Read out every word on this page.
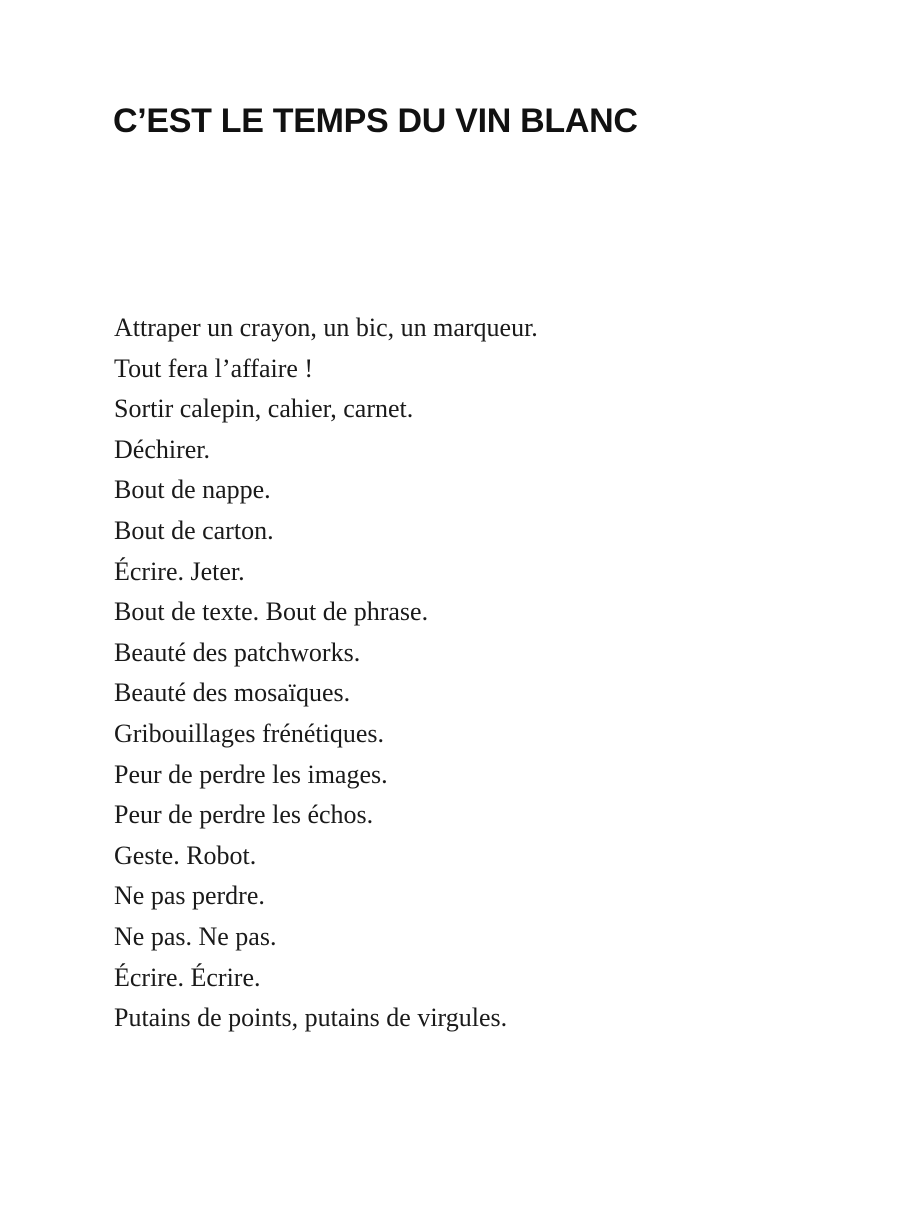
C’EST LE TEMPS DU VIN BLANC
Attraper un crayon, un bic, un marqueur.
Tout fera l’affaire !
Sortir calepin, cahier, carnet.
Déchirer.
Bout de nappe.
Bout de carton.
Écrire. Jeter.
Bout de texte. Bout de phrase.
Beauté des patchworks.
Beauté des mosaïques.
Gribouillages frénétiques.
Peur de perdre les images.
Peur de perdre les échos.
Geste. Robot.
Ne pas perdre.
Ne pas. Ne pas.
Écrire. Écrire.
Putains de points, putains de virgules.
